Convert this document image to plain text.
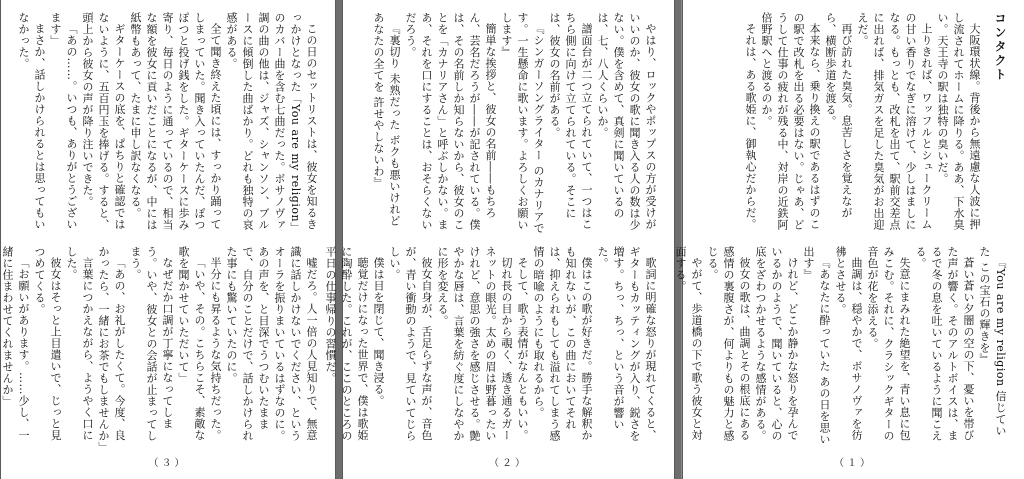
この日のセットリストは、彼女を知るきっかけとなった「You are my religion」のカバー曲を含む七曲だった。ボサノヴァ調の曲の他は、ジャズ、シャンソン、ブルースに傾倒した曲ばかり。どれも独特の哀感がある。

全て聞き終えた頃には、すっかり踊ってしまっていた。聞き入っていたんだ、ぽつぽつと投げ銭をした。ギターケースに歩み寄り、毎日のように通っているので、相当な額を彼女に貢いだことになるが、中には紙幣もあって、たまに申し訳なくなる。

ギターケースの底を、ぱちりと確認ではないように、五百円玉を捧げる。すると、頭上から彼女の声が降り注いできた。

「あの……。いつも、ありがとうございます」

まさか、話しかけられるとは思ってもいなかった。

嘘だろ。人一倍の人見知りで、無意識に話しかけないでください、というオーラを振りまいているはずなのに。あの声を、と目深でうつむいたままで、自分のことだけで、話しかけられた事にも驚いていたのに。

半分にも昇るような気持ちだった。

「いや、その。こちらこそ、素敵な歌を聞かせていただいて」

なぜだか口調が丁寧になってしまう。いや、彼女との会話が止まってしまう。

「あの、お礼がしたくて。今度、良かったら、一緒にお茶でもしませんか」

言葉につかえながら、ようやく口にした。

彼女はそっと上目遣いで、じっと見つめてくる。

「お願いがあります。……少し、一緒に住まわせてくれませんか」

（３）

やはり、ロックやポップスの方が受けがいいのか、彼女の歌に聞き入る人の数は少ない。僕を含めて、真剣に聞いているのは、七、八人くらいか。

譜面台が二つ立てられていて、一つはこちら側に向けて立てられている。そこには、彼女の名前がある。

『シンガーソングライター のカナリアです。一生懸命に歌います。よろしくお願いします』

簡単な挨拶と、彼女の名前――もちろん、芸名だろうが――が記されている。僕は、その名前しか知らないから、彼女のことを「カナリアさん」と呼ぶしかない。まあ、それを口にすることは、おそらくないだろう。

『裏切り 未熟だった ボクも悪いけれど あなたの全てを 許せやしないわ』

歌詞に明確な怒りが現れてくると、ギターもカッティングが入り、鋭さを増す。ちっ、ちっ、という音が響いた。

僕はこの歌が好きだ。勝手な解釈かも知れないが、この曲においてそれは、抑えられもしても溢れてしまう感情の暗喩のようにも取れるから。

そして、歌う表情がなんともいい。

切れ長の目から覗く、透き通るガーネットの眼光。太めの眉は野暮ったいけれど、意思の強さを感じさせる。艶やかな唇は、言葉を紡ぐ度にしなやかに形を変える。

彼女自身が、舌足らずな声が、音色が、青い衝動のようで、見ていてじらしい。

僕は目を閉じて、聞き浸る。

聴覚だけになった世界で、僕は歌姫に陶酔した。これが、ここのところの平日の仕事帰りの習慣だ。

（２）

コンタクト

大阪環状線。背後から無遠慮な人波に押し流されてホームに降りる。ああ、下水臭い。天王寺の駅は独特の臭いだ。

上りきれば、ワッフルとシュークリームの甘い香りでなぎに溶けて、少しはましになる。もっとも、改札を出て、駅前交差点に出れば、排気ガスを足した臭気がお出迎えだ。

再び訪れた臭気。息苦しさを覚えながら、横断歩道を渡る。

本来なら、乗り換えの駅であるはずのこの駅で改札を出る必要はない。じゃあ、どうして仕事の疲れが残る中、対岸の近鉄阿倍野駅へと渡るのか。

それは、ある歌姫に、御執心だからだ。

『You are my religion 信じていた この宝石の輝きを』

蒼い蒼い夕闇の空の下、憂いを帯びた声が響く。そのアルトボイスは、まるで冬の息を吐いているように聞こえる。

失意にまみれた絶望を、青い息に包みこむ。それに、クラシックギターの音色が花を添える。

曲調は、穏やかで、ボサノヴァを彷彿とさせる。

『あなたに酔っていた あの日を思い出す』

けれど、どこか静かな怒りを孕んでいるかのようで、聞いていると、心の底をざわつかせるような感情がある。

彼女の歌は、曲調とその根底にある感情の裏腹さが、何よりもの魅力と感じる。

やがて、歩道橋の下で歌う彼女と対面する。

（１）
